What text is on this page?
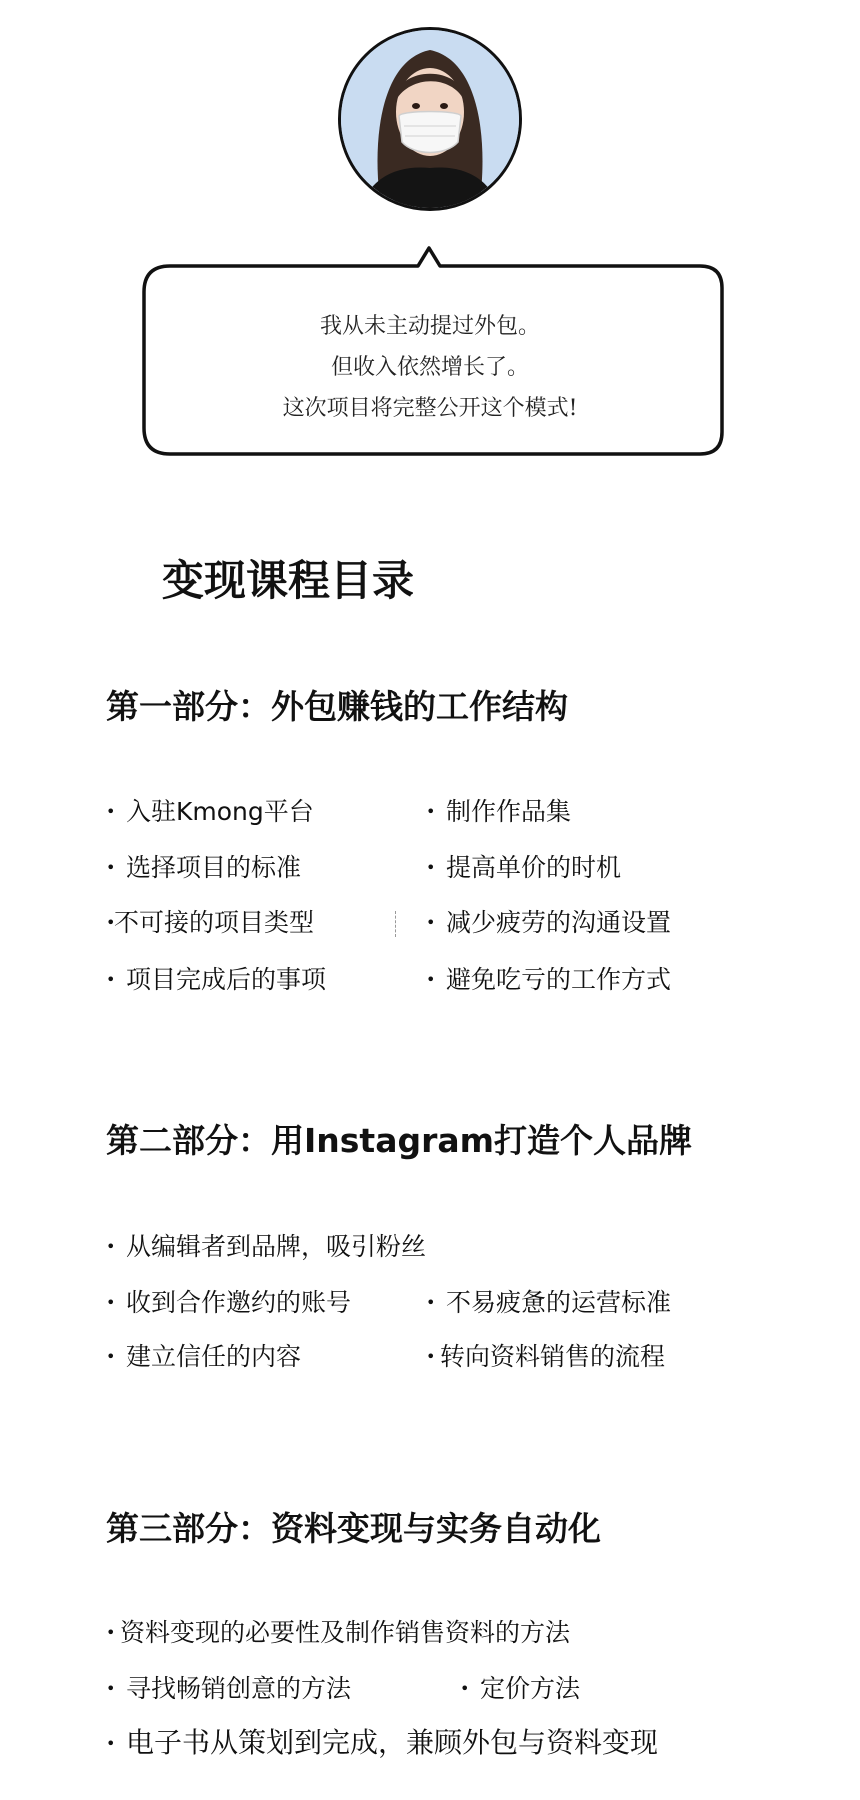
我从未主动提过外包。
但收入依然增长了。
这次项目将完整公开这个模式!
变现课程目录
第一部分：外包赚钱的工作结构
• 入驻Kmong平台	• 制作作品集
• 选择项目的标准	• 提高单价的时机
•不可接的项目类型	• 减少疲劳的沟通设置
• 项目完成后的事项	• 避免吃亏的工作方式
第二部分：用Instagram打造个人品牌
• 从编辑者到品牌，吸引粉丝
• 收到合作邀约的账号	• 不易疲惫的运营标准
• 建立信任的内容	• 转向资料销售的流程
第三部分：资料变现与实务自动化
• 资料变现的必要性及制作销售资料的方法
• 寻找畅销创意的方法	• 定价方法
• 电子书从策划到完成，兼顾外包与资料变现
